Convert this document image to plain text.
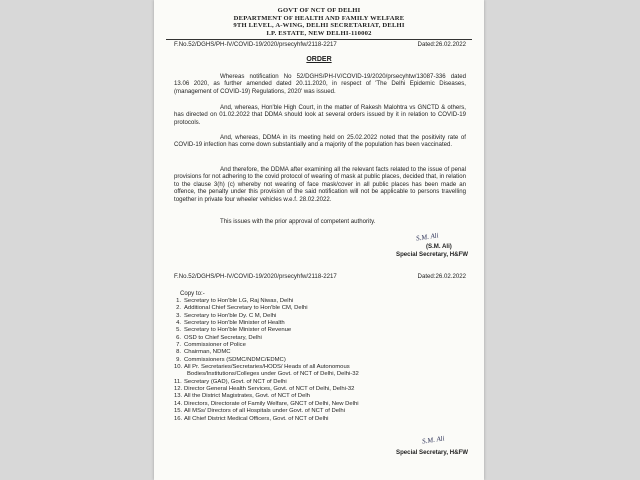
GOVT OF NCT OF DELHI
DEPARTMENT OF HEALTH AND FAMILY WELFARE
9TH LEVEL, A-WING, DELHI SECRETARIAT, DELHI
I.P. ESTATE, NEW DELHI-110002
F.No.52/DGHS/PH-IV/COVID-19/2020/prsecyhfw/2118-2217	Dated:26.02.2022
ORDER

Whereas notification No 52/DGHS/PH-IV/COVID-19/2020/prsecyhtw/13087-336 dated 13.06 2020, as further amended dated 20.11.2020, in respect of 'The Delhi Epidemic Diseases, (management of COVID-19) Regulations, 2020' was issued.

And, whereas, Hon'ble High Court, in the matter of Rakesh Malohtra vs GNCTD & others, has directed on 01.02.2022 that DDMA should look at several orders issued by it in relation to COVID-19 protocols.

And, whereas, DDMA in its meeting held on 25.02.2022 noted that the positivity rate of COVID-19 infection has come down substantially and a majority of the population has been vaccinated.

And therefore, the DDMA after examining all the relevant facts related to the issue of penal provisions for not adhering to the covid protocol of wearing of mask at public places, decided that, in relation to the clause 3(h) (c) whereby not wearing of face mask/cover in all public places has been made an offence, the penalty under this provision of the said notification will not be applicable to persons travelling together in private four wheeler vehicles w.e.f. 28.02.2022.

This issues with the prior approval of competent authority.

S.M. Ali
(S.M. Ali)
Special Secretary, H&FW
F.No.52/DGHS/PH-IV/COVID-19/2020/prsecyhfw/2118-2217	Dated:26.02.2022
Copy to:-
1. Secretary to Hon'ble LG, Raj Niwas, Delhi
2. Additional Chief Secretary to Hon'ble CM, Delhi
3. Secretary to Hon'ble Dy. C M, Delhi
4. Secretary to Hon'ble Minister of Health
5. Secretary to Hon'ble Minister of Revenue
6. OSD to Chief Secretary, Delhi
7. Commissioner of Police
8. Chairman, NDMC
9. Commissioners (SDMC/NDMC/EDMC)
10. All Pr. Secretaries/Secretaries/HODS/ Heads of all Autonomous
Bodies/Institutions/Colleges under Govt. of NCT of Delhi, Delhi-32
11. Secretary (GAD), Govt. of NCT of Delhi
12. Director General Health Services, Govt. of NCT of Delhi, Delhi-32
13. All the District Magistrates, Govt. of NCT of Delh
14. Directors, Directorate of Family Welfare, GNCT of Delhi, New Delhi
15. All MSs/ Directors of all Hospitals under Govt. of NCT of Delhi
16. All Chief District Medical Officers, Govt. of NCT of Delhi
S.M. Ali
Special Secretary, H&FW
